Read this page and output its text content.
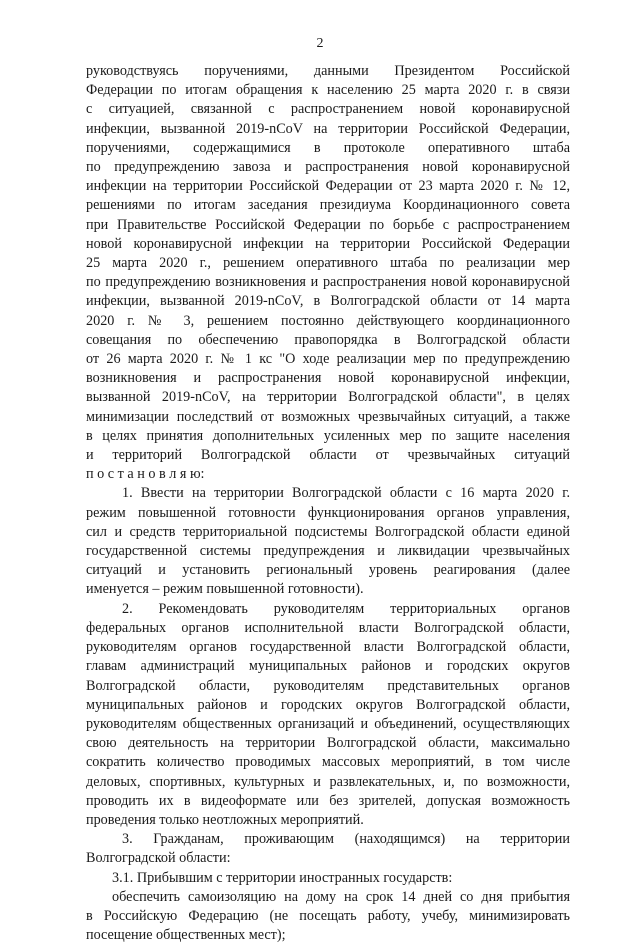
2
руководствуясь поручениями, данными Президентом Российской
Федерации по итогам обращения к населению 25 марта 2020 г. в связи
с ситуацией, связанной с распространением новой коронавирусной
инфекции, вызванной 2019-nCoV на территории Российской Федерации,
поручениями, содержащимися в протоколе оперативного штаба
по предупреждению завоза и распространения новой коронавирусной
инфекции на территории Российской Федерации от 23 марта 2020 г. № 12,
решениями по итогам заседания президиума Координационного совета
при Правительстве Российской Федерации по борьбе с распространением
новой коронавирусной инфекции на территории Российской Федерации
25 марта 2020 г., решением оперативного штаба по реализации мер
по предупреждению возникновения и распространения новой коронавирусной
инфекции, вызванной 2019-nCoV, в Волгоградской области от 14 марта
2020 г. № 3, решением постоянно действующего координационного
совещания по обеспечению правопорядка в Волгоградской области
от 26 марта 2020 г. № 1 кс "О ходе реализации мер по предупреждению
возникновения и распространения новой коронавирусной инфекции,
вызванной 2019-nCoV, на территории Волгоградской области", в целях
минимизации последствий от возможных чрезвычайных ситуаций, а также
в целях принятия дополнительных усиленных мер по защите населения
и территорий Волгоградской области от чрезвычайных ситуаций
п о с т а н о в л я ю:
1. Ввести на территории Волгоградской области с 16 марта 2020 г.
режим повышенной готовности функционирования органов управления,
сил и средств территориальной подсистемы Волгоградской области единой
государственной системы предупреждения и ликвидации чрезвычайных
ситуаций и установить региональный уровень реагирования (далее
именуется – режим повышенной готовности).
2. Рекомендовать руководителям территориальных органов
федеральных органов исполнительной власти Волгоградской области,
руководителям органов государственной власти Волгоградской области,
главам администраций муниципальных районов и городских округов
Волгоградской области, руководителям представительных органов
муниципальных районов и городских округов Волгоградской области,
руководителям общественных организаций и объединений, осуществляющих
свою деятельность на территории Волгоградской области, максимально
сократить количество проводимых массовых мероприятий, в том числе
деловых, спортивных, культурных и развлекательных, и, по возможности,
проводить их в видеоформате или без зрителей, допуская возможность
проведения только неотложных мероприятий.
3. Гражданам, проживающим (находящимся) на территории
Волгоградской области:
3.1. Прибывшим с территории иностранных государств:
обеспечить самоизоляцию на дому на срок 14 дней со дня прибытия
в Российскую Федерацию (не посещать работу, учебу, минимизировать
посещение общественных мест);
